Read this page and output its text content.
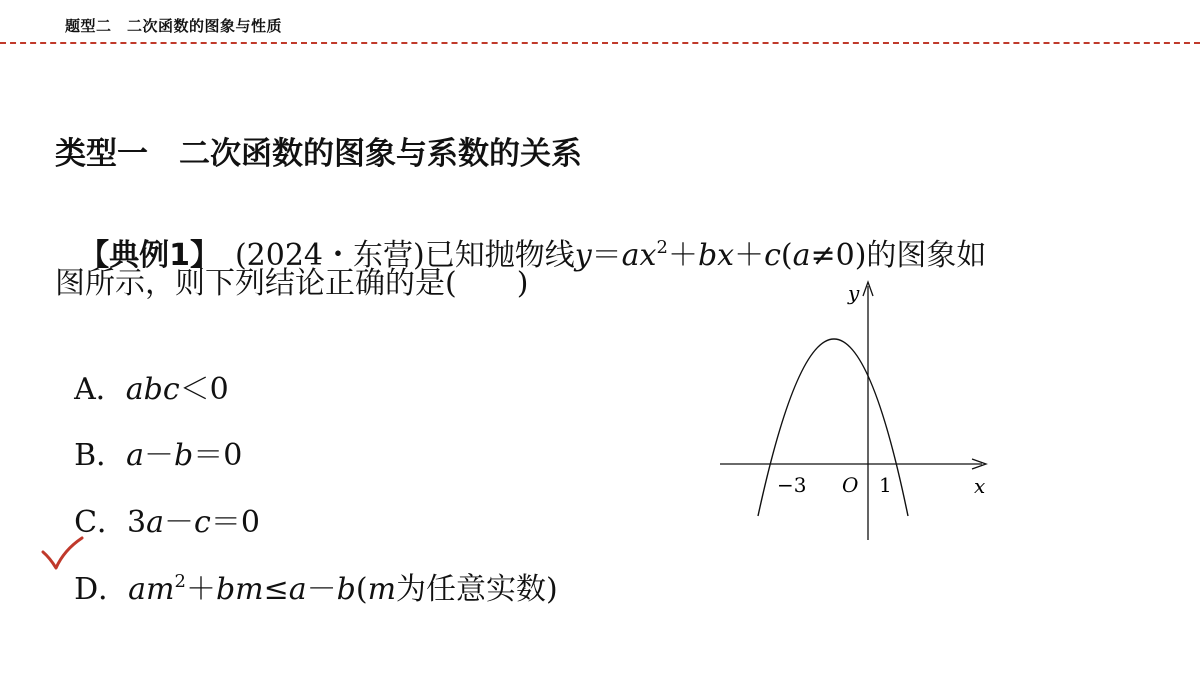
题型二　二次函数的图象与性质
类型一　二次函数的图象与系数的关系

【典例1】　 (2024・东营)已知抛物线$y=ax^2+bx+c(a\ne 0)$的图象如

图所示，则下列结论正确的是(　　)

A．abc＜0

B．a－b＝0

C．3a－c＝0

D．$am^2+bm\le a-b(m$为任意实数)

y
x
O
−3	1
